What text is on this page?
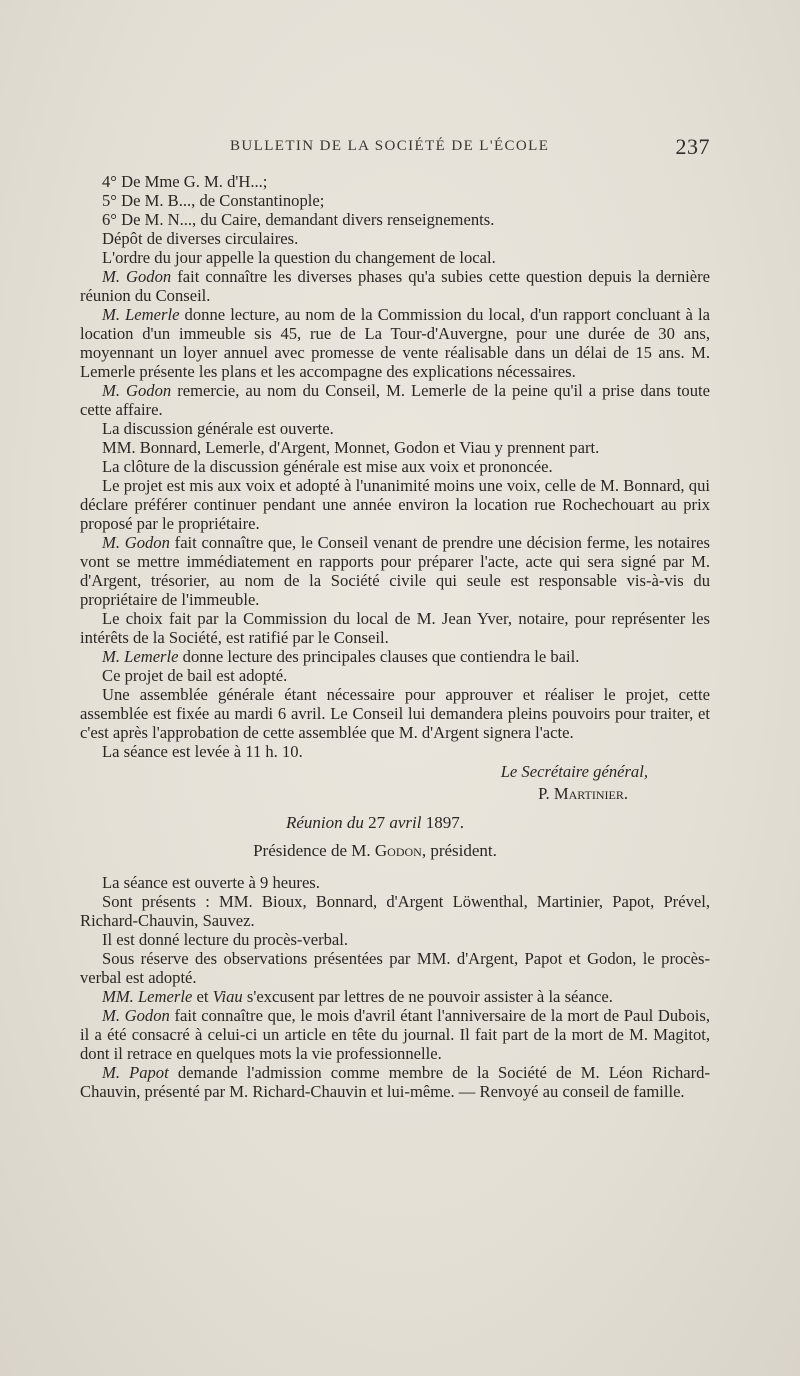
BULLETIN DE LA SOCIÉTÉ DE L'ÉCOLE	237

4° De Mme G. M. d'H...;

5° De M. B..., de Constantinople;

6° De M. N..., du Caire, demandant divers renseignements.

Dépôt de diverses circulaires.

L'ordre du jour appelle la question du changement de local.

M. Godon fait connaître les diverses phases qu'a subies cette question depuis la dernière réunion du Conseil.

M. Lemerle donne lecture, au nom de la Commission du local, d'un rapport concluant à la location d'un immeuble sis 45, rue de La Tour-d'Auvergne, pour une durée de 30 ans, moyennant un loyer annuel avec promesse de vente réalisable dans un délai de 15 ans. M. Lemerle présente les plans et les accompagne des explications nécessaires.

M. Godon remercie, au nom du Conseil, M. Lemerle de la peine qu'il a prise dans toute cette affaire.

La discussion générale est ouverte.

MM. Bonnard, Lemerle, d'Argent, Monnet, Godon et Viau y prennent part.

La clôture de la discussion générale est mise aux voix et prononcée.

Le projet est mis aux voix et adopté à l'unanimité moins une voix, celle de M. Bonnard, qui déclare préférer continuer pendant une année environ la location rue Rochechouart au prix proposé par le propriétaire.

M. Godon fait connaître que, le Conseil venant de prendre une décision ferme, les notaires vont se mettre immédiatement en rapports pour préparer l'acte, acte qui sera signé par M. d'Argent, trésorier, au nom de la Société civile qui seule est responsable vis-à-vis du propriétaire de l'immeuble.

Le choix fait par la Commission du local de M. Jean Yver, notaire, pour représenter les intérêts de la Société, est ratifié par le Conseil.

M. Lemerle donne lecture des principales clauses que contiendra le bail.

Ce projet de bail est adopté.

Une assemblée générale étant nécessaire pour approuver et réaliser le projet, cette assemblée est fixée au mardi 6 avril. Le Conseil lui demandera pleins pouvoirs pour traiter, et c'est après l'approbation de cette assemblée que M. d'Argent signera l'acte.

La séance est levée à 11 h. 10.

Le Secrétaire général,

P. Martinier.

Réunion du 27 avril 1897.

Présidence de M. Godon, président.

La séance est ouverte à 9 heures.

Sont présents : MM. Bioux, Bonnard, d'Argent Löwenthal, Martinier, Papot, Prével, Richard-Chauvin, Sauvez.

Il est donné lecture du procès-verbal.

Sous réserve des observations présentées par MM. d'Argent, Papot et Godon, le procès-verbal est adopté.

MM. Lemerle et Viau s'excusent par lettres de ne pouvoir assister à la séance.

M. Godon fait connaître que, le mois d'avril étant l'anniversaire de la mort de Paul Dubois, il a été consacré à celui-ci un article en tête du journal. Il fait part de la mort de M. Magitot, dont il retrace en quelques mots la vie professionnelle.

M. Papot demande l'admission comme membre de la Société de M. Léon Richard-Chauvin, présenté par M. Richard-Chauvin et lui-même. — Renvoyé au conseil de famille.
